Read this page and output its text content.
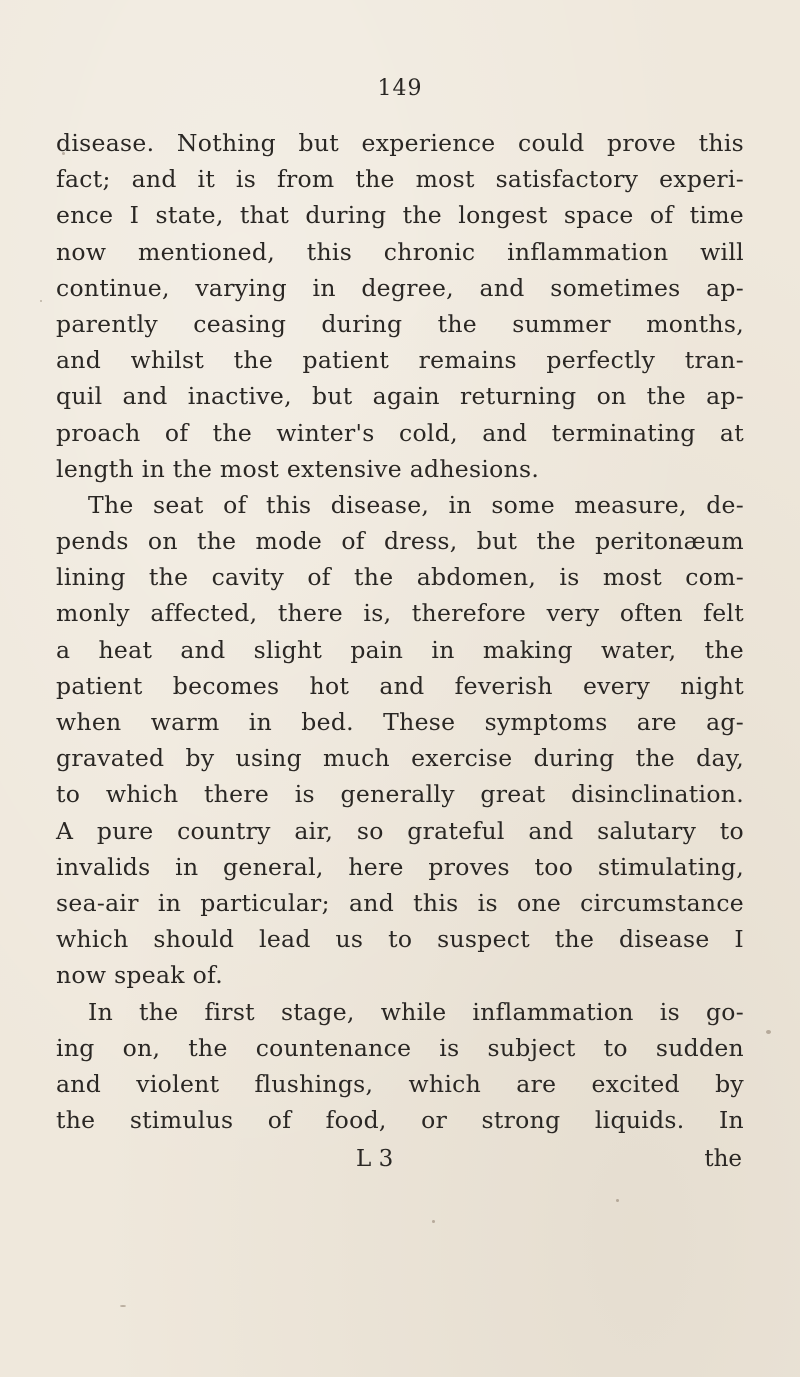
149
disease. Nothing but experience could prove this
fact; and it is from the most satisfactory experi-
ence I state, that during the longest space of time
now mentioned, this chronic inflammation will
continue, varying in degree, and sometimes ap-
parently ceasing during the summer months,
and whilst the patient remains perfectly tran-
quil and inactive, but again returning on the ap-
proach of the winter's cold, and terminating at
length in the most extensive adhesions.
The seat of this disease, in some measure, de-
pends on the mode of dress, but the peritonæum
lining the cavity of the abdomen, is most com-
monly affected, there is, therefore very often felt
a heat and slight pain in making water, the
patient becomes hot and feverish every night
when warm in bed. These symptoms are ag-
gravated by using much exercise during the day,
to which there is generally great disinclination.
A pure country air, so grateful and salutary to
invalids in general, here proves too stimulating,
sea-air in particular; and this is one circumstance
which should lead us to suspect the disease I
now speak of.
In the first stage, while inflammation is go-
ing on, the countenance is subject to sudden
and violent flushings, which are excited by
the stimulus of food, or strong liquids. In
L 3	the
